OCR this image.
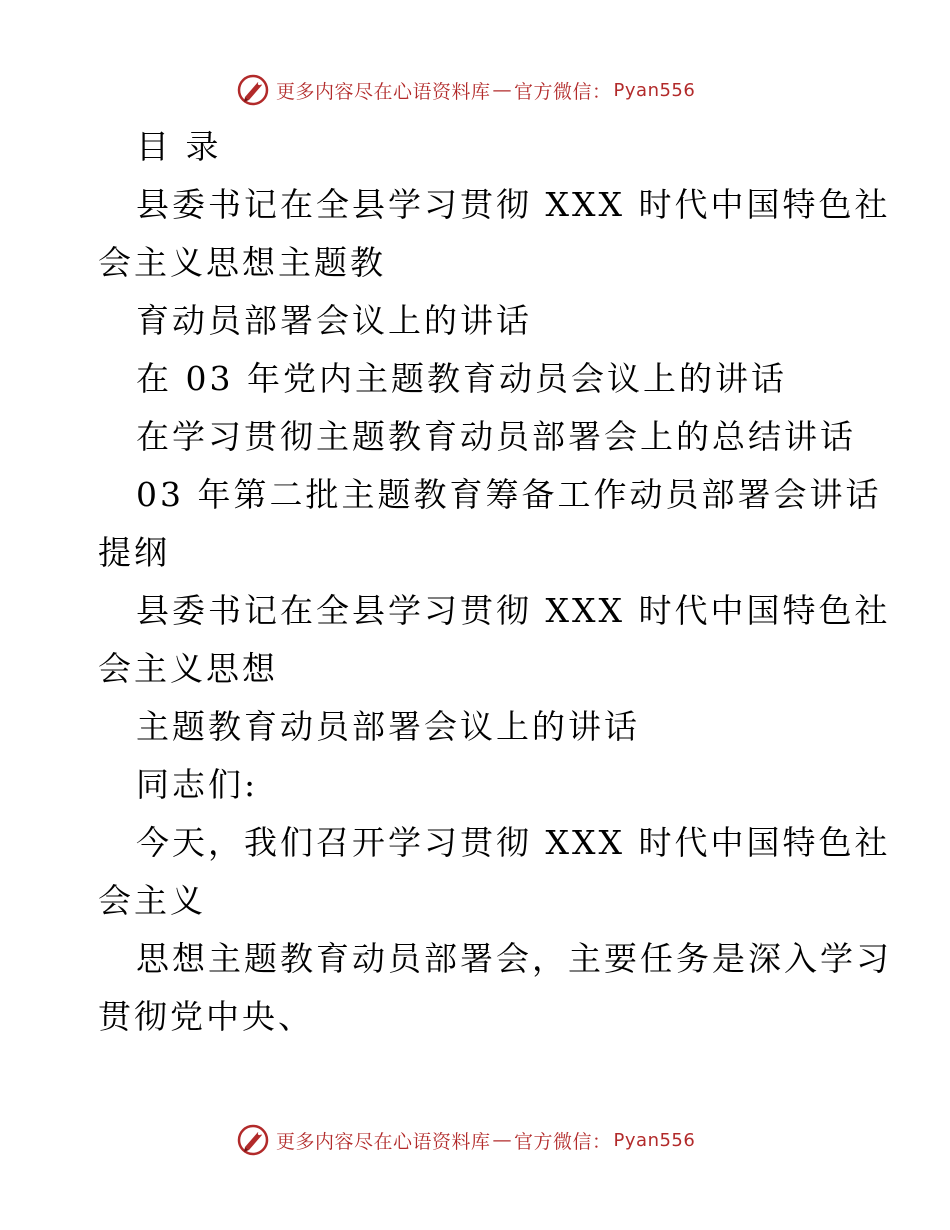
更多内容尽在心语资料库 — 官方微信： Pyan556
目 录
县委书记在全县学习贯彻 XXX 时代中国特色社
会主义思想主题教
育动员部署会议上的讲话
在 03 年党内主题教育动员会议上的讲话
在学习贯彻主题教育动员部署会上的总结讲话
03 年第二批主题教育筹备工作动员部署会讲话
提纲
县委书记在全县学习贯彻 XXX 时代中国特色社
会主义思想
主题教育动员部署会议上的讲话
同志们:
今天，我们召开学习贯彻 XXX 时代中国特色社
会主义
思想主题教育动员部署会，主要任务是深入学习
贯彻党中央、
更多内容尽在心语资料库 — 官方微信： Pyan556
